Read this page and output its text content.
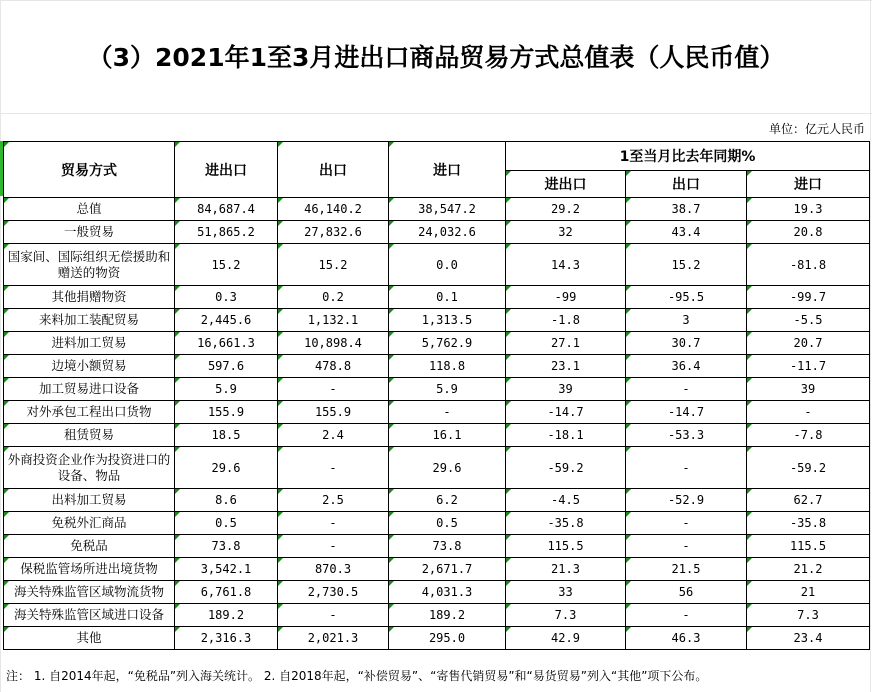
（3）2021年1至3月进出口商品贸易方式总值表（人民币值）
单位：亿元人民币
贸易方式	进出口	出口	进口	1至当月比去年同期%		

进出口	出口	进口

总值	84,687.4	46,140.2	38,547.2	29.2	38.7	19.3

一般贸易	51,865.2	27,832.6	24,032.6	32	43.4	20.8

国家间、国际组织无偿援助和赠送的物资	15.2	15.2	0.0	14.3	15.2	-81.8

其他捐赠物资	0.3	0.2	0.1	-99	-95.5	-99.7

来料加工装配贸易	2,445.6	1,132.1	1,313.5	-1.8	3	-5.5

进料加工贸易	16,661.3	10,898.4	5,762.9	27.1	30.7	20.7

边境小额贸易	597.6	478.8	118.8	23.1	36.4	-11.7

加工贸易进口设备	5.9	-	5.9	39	-	39

对外承包工程出口货物	155.9	155.9	-	-14.7	-14.7	-

租赁贸易	18.5	2.4	16.1	-18.1	-53.3	-7.8

外商投资企业作为投资进口的设备、物品	29.6	-	29.6	-59.2	-	-59.2

出料加工贸易	8.6	2.5	6.2	-4.5	-52.9	62.7

免税外汇商品	0.5	-	0.5	-35.8	-	-35.8

免税品	73.8	-	73.8	115.5	-	115.5

保税监管场所进出境货物	3,542.1	870.3	2,671.7	21.3	21.5	21.2

海关特殊监管区域物流货物	6,761.8	2,730.5	4,031.3	33	56	21

海关特殊监管区域进口设备	189.2	-	189.2	7.3	-	7.3

其他	2,316.3	2,021.3	295.0	42.9	46.3	23.4
注： 1. 自2014年起，“免税品”列入海关统计。 2. 自2018年起，“补偿贸易”、“寄售代销贸易”和“易货贸易”列入“其他”项下公布。
